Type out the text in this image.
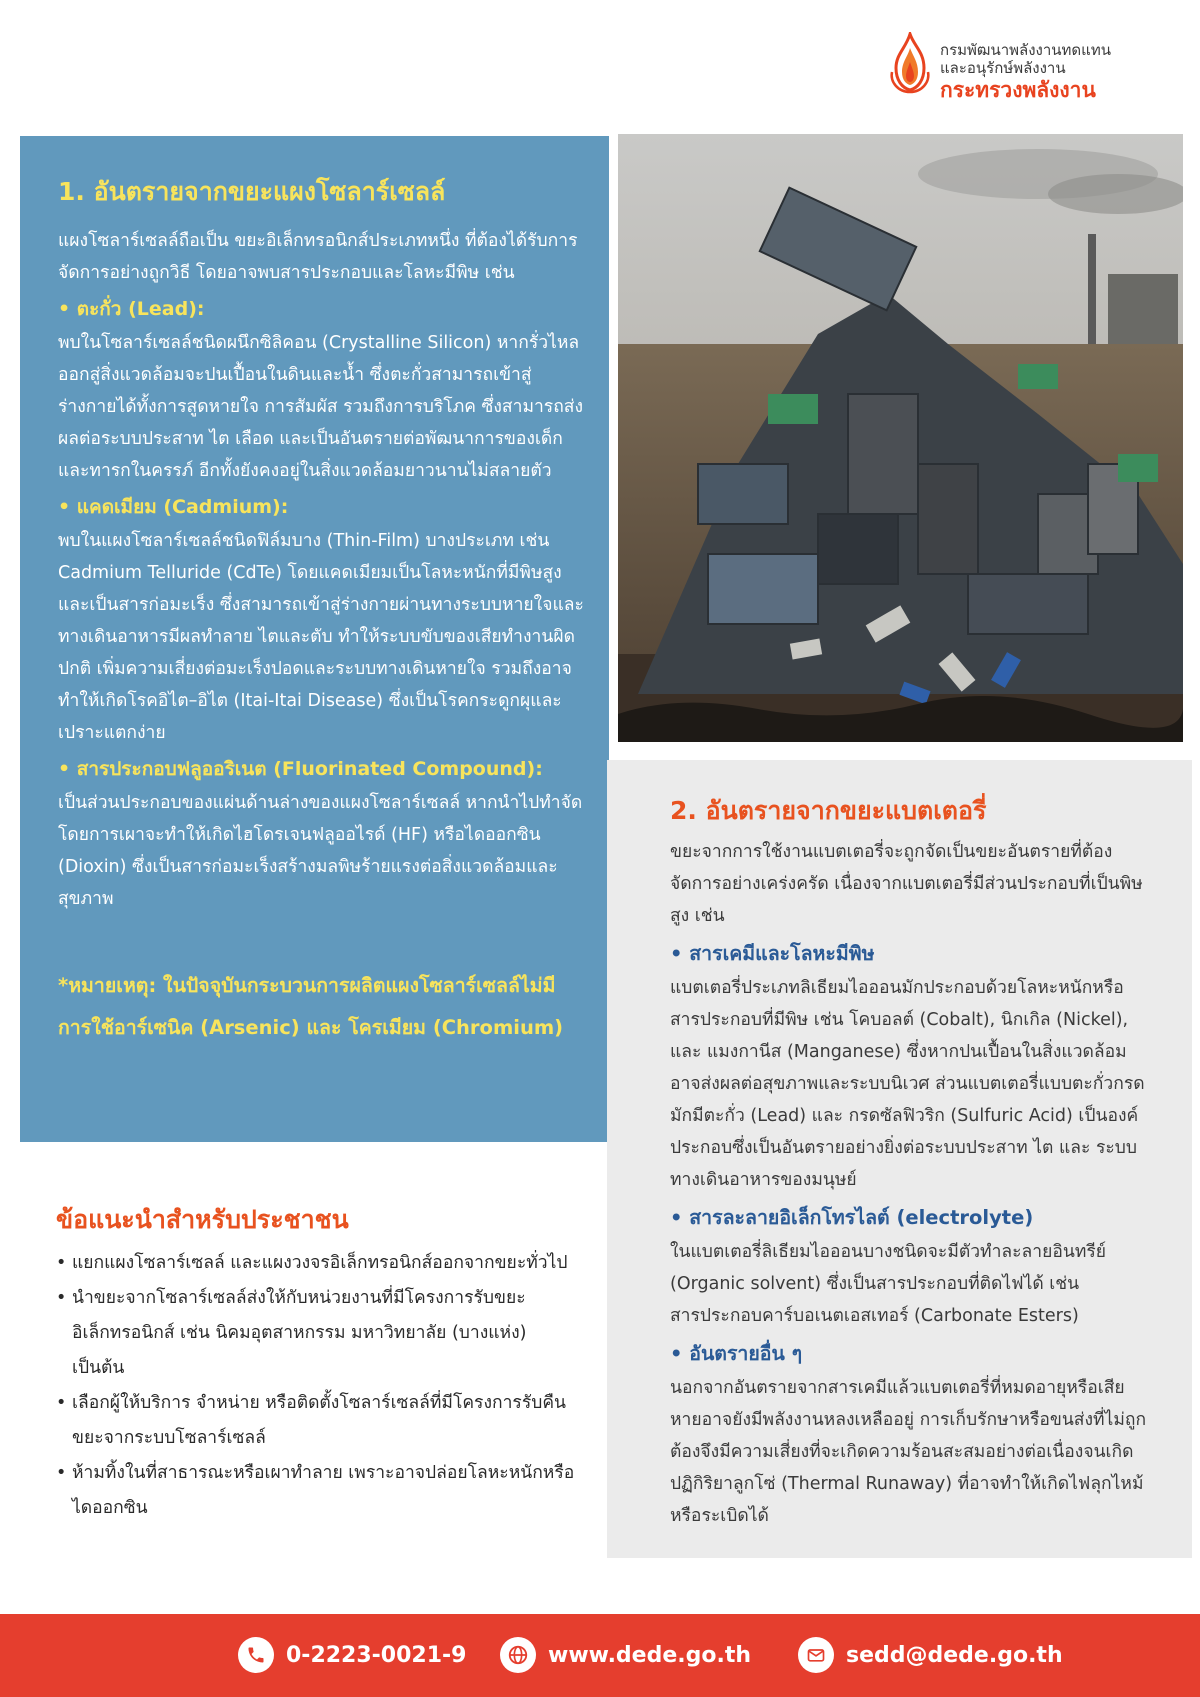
กรมพัฒนาพลังงานทดแทน
และอนุรักษ์พลังงาน
กระทรวงพลังงาน
1. อันตรายจากขยะแผงโซลาร์เซลล์
แผงโซลาร์เซลล์ถือเป็น ขยะอิเล็กทรอนิกส์ประเภทหนึ่ง ที่ต้องได้รับการจัดการอย่างถูกวิธี โดยอาจพบสารประกอบและโลหะมีพิษ เช่น
• ตะกั่ว (Lead):
พบในโซลาร์เซลล์ชนิดผนึกซิลิคอน (Crystalline Silicon) หากรั่วไหลออกสู่สิ่งแวดล้อมจะปนเปื้อนในดินและน้ำ ซึ่งตะกั่วสามารถเข้าสู่ร่างกายได้ทั้งการสูดหายใจ การสัมผัส รวมถึงการบริโภค ซึ่งสามารถส่งผลต่อระบบประสาท ไต เลือด และเป็นอันตรายต่อพัฒนาการของเด็กและทารกในครรภ์ อีกทั้งยังคงอยู่ในสิ่งแวดล้อมยาวนานไม่สลายตัว
• แคดเมียม (Cadmium):
พบในแผงโซลาร์เซลล์ชนิดฟิล์มบาง (Thin-Film) บางประเภท เช่น Cadmium Telluride (CdTe) โดยแคดเมียมเป็นโลหะหนักที่มีพิษสูงและเป็นสารก่อมะเร็ง ซึ่งสามารถเข้าสู่ร่างกายผ่านทางระบบหายใจและทางเดินอาหารมีผลทำลาย ไตและตับ ทำให้ระบบขับของเสียทำงานผิดปกติ เพิ่มความเสี่ยงต่อมะเร็งปอดและระบบทางเดินหายใจ รวมถึงอาจทำให้เกิดโรคอิไต–อิไต (Itai-Itai Disease) ซึ่งเป็นโรคกระดูกผุและเปราะแตกง่าย
• สารประกอบฟลูออริเนต (Fluorinated Compound):
เป็นส่วนประกอบของแผ่นด้านล่างของแผงโซลาร์เซลล์ หากนำไปทำจัดโดยการเผาจะทำให้เกิดไฮโดรเจนฟลูออไรด์ (HF) หรือไดออกซิน (Dioxin) ซึ่งเป็นสารก่อมะเร็งสร้างมลพิษร้ายแรงต่อสิ่งแวดล้อมและสุขภาพ
*หมายเหตุ: ในปัจจุบันกระบวนการผลิตแผงโซลาร์เซลล์ไม่มีการใช้อาร์เซนิค (Arsenic) และ โครเมียม (Chromium)
2. อันตรายจากขยะแบตเตอรี่
ขยะจากการใช้งานแบตเตอรี่จะถูกจัดเป็นขยะอันตรายที่ต้องจัดการอย่างเคร่งครัด เนื่องจากแบตเตอรี่มีส่วนประกอบที่เป็นพิษสูง เช่น
• สารเคมีและโลหะมีพิษ
แบตเตอรี่ประเภทลิเธียมไอออนมักประกอบด้วยโลหะหนักหรือสารประกอบที่มีพิษ เช่น โคบอลต์ (Cobalt), นิกเกิล (Nickel), และ แมงกานีส (Manganese) ซึ่งหากปนเปื้อนในสิ่งแวดล้อมอาจส่งผลต่อสุขภาพและระบบนิเวศ ส่วนแบตเตอรี่แบบตะกั่วกรดมักมีตะกั่ว (Lead) และ กรดซัลฟิวริก (Sulfuric Acid) เป็นองค์ประกอบซึ่งเป็นอันตรายอย่างยิ่งต่อระบบประสาท ไต และ ระบบทางเดินอาหารของมนุษย์
• สารละลายอิเล็กโทรไลต์ (electrolyte)
ในแบตเตอรี่ลิเธียมไอออนบางชนิดจะมีตัวทำละลายอินทรีย์ (Organic solvent) ซึ่งเป็นสารประกอบที่ติดไฟได้ เช่น สารประกอบคาร์บอเนตเอสเทอร์ (Carbonate Esters)
• อันตรายอื่น ๆ
นอกจากอันตรายจากสารเคมีแล้วแบตเตอรี่ที่หมดอายุหรือเสียหายอาจยังมีพลังงานหลงเหลืออยู่ การเก็บรักษาหรือขนส่งที่ไม่ถูกต้องจึงมีความเสี่ยงที่จะเกิดความร้อนสะสมอย่างต่อเนื่องจนเกิดปฏิกิริยาลูกโซ่ (Thermal Runaway) ที่อาจทำให้เกิดไฟลุกไหม้หรือระเบิดได้
ข้อแนะนำสำหรับประชาชน
• แยกแผงโซลาร์เซลล์ และแผงวงจรอิเล็กทรอนิกส์ออกจากขยะทั่วไป
• นำขยะจากโซลาร์เซลล์ส่งให้กับหน่วยงานที่มีโครงการรับขยะอิเล็กทรอนิกส์ เช่น นิคมอุตสาหกรรม มหาวิทยาลัย (บางแห่ง) เป็นต้น
• เลือกผู้ให้บริการ จำหน่าย หรือติดตั้งโซลาร์เซลล์ที่มีโครงการรับคืนขยะจากระบบโซลาร์เซลล์
• ห้ามทิ้งในที่สาธารณะหรือเผาทำลาย เพราะอาจปล่อยโลหะหนักหรือไดออกซิน
0-2223-0021-9	www.dede.go.th	sedd@dede.go.th
